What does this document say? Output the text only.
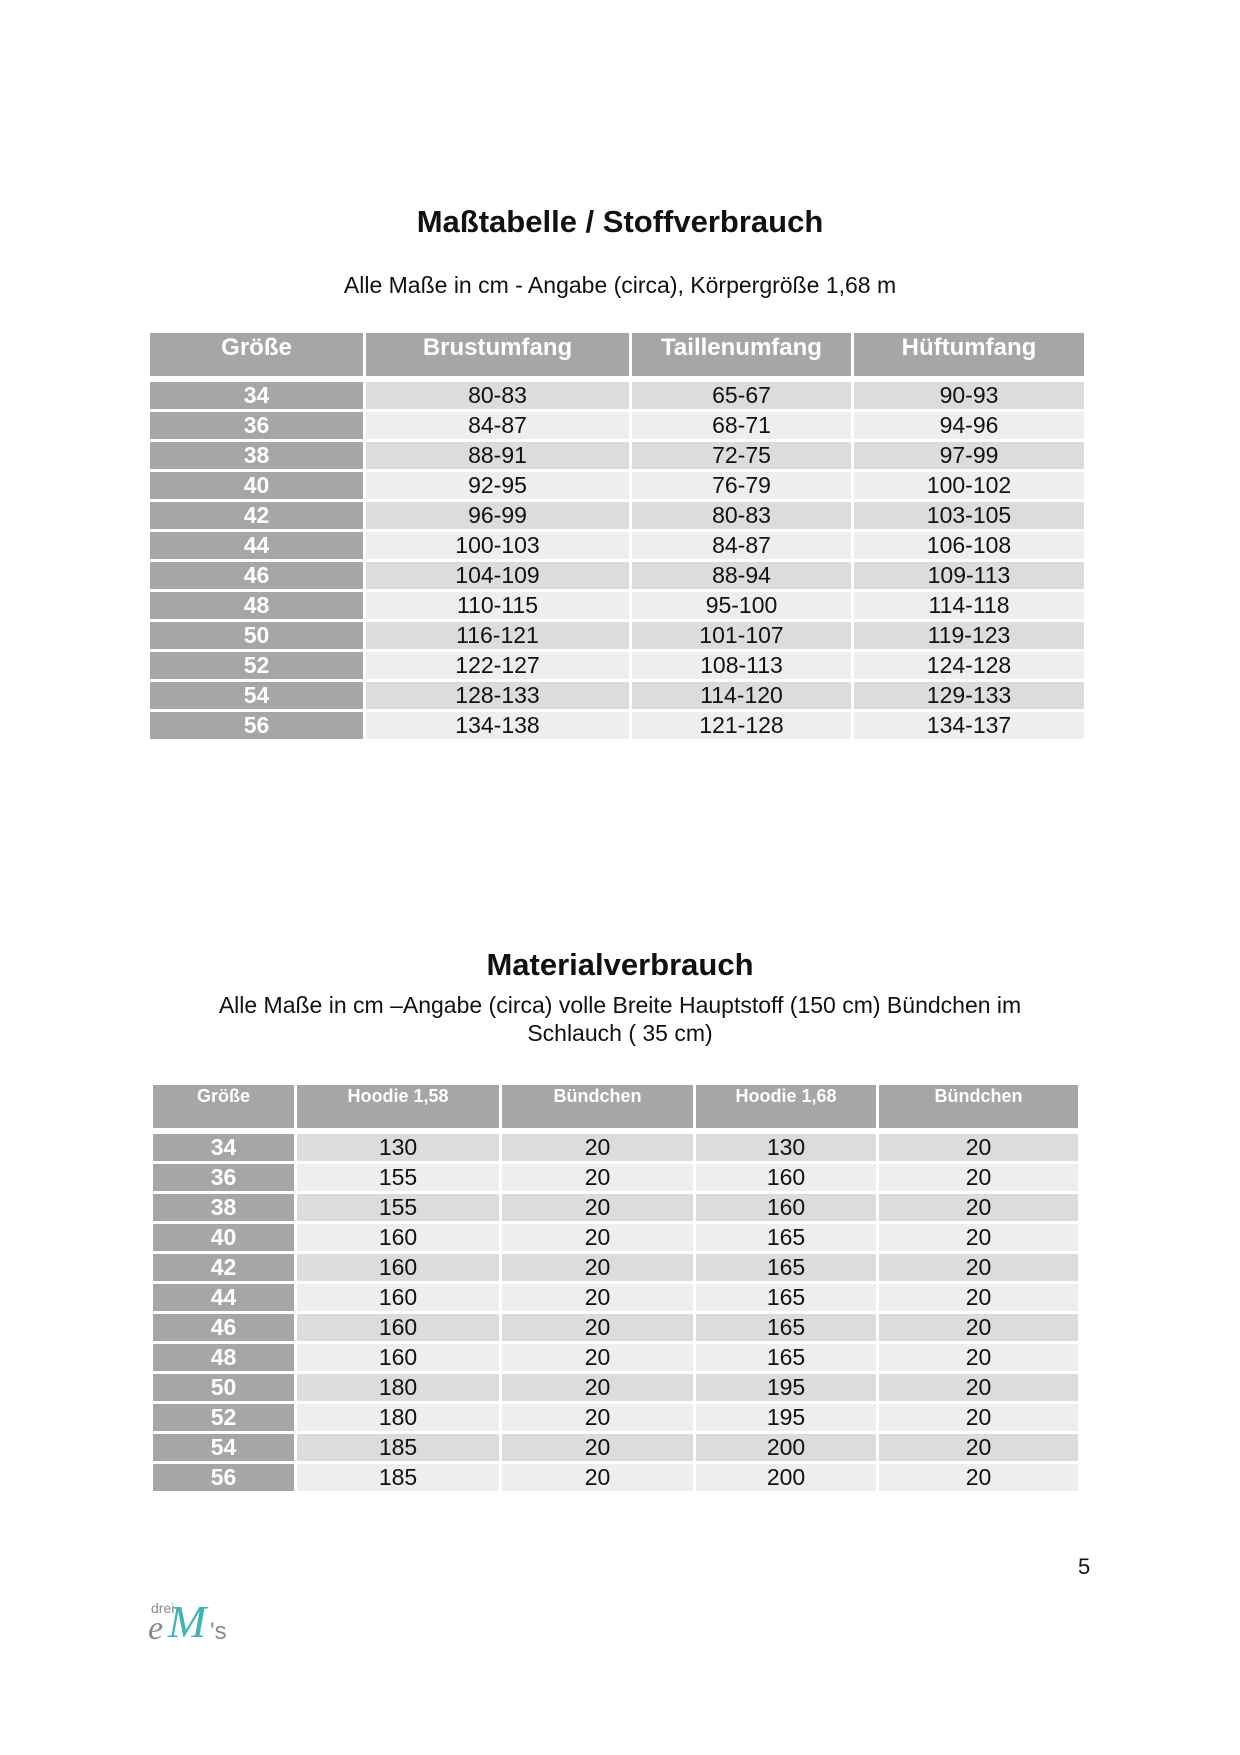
Maßtabelle / Stoffverbrauch

Alle Maße in cm - Angabe (circa), Körpergröße 1,68 m

Größe	Brustumfang	Taillenumfang	Hüftumfang

34	80-83	65-67	90-93
36	84-87	68-71	94-96
38	88-91	72-75	97-99
40	92-95	76-79	100-102
42	96-99	80-83	103-105
44	100-103	84-87	106-108
46	104-109	88-94	109-113
48	110-115	95-100	114-118
50	116-121	101-107	119-123
52	122-127	108-113	124-128
54	128-133	114-120	129-133
56	134-138	121-128	134-137
Materialverbrauch

Alle Maße in cm –Angabe (circa) volle Breite Hauptstoff (150 cm) Bündchen im

Schlauch ( 35 cm)

Größe	Hoodie 1,58	Bündchen	Hoodie 1,68	Bündchen

34	130	20	130	20
36	155	20	160	20
38	155	20	160	20
40	160	20	165	20
42	160	20	165	20
44	160	20	165	20
46	160	20	165	20
48	160	20	165	20
50	180	20	195	20
52	180	20	195	20
54	185	20	200	20
56	185	20	200	20
5
drei
e M 's
